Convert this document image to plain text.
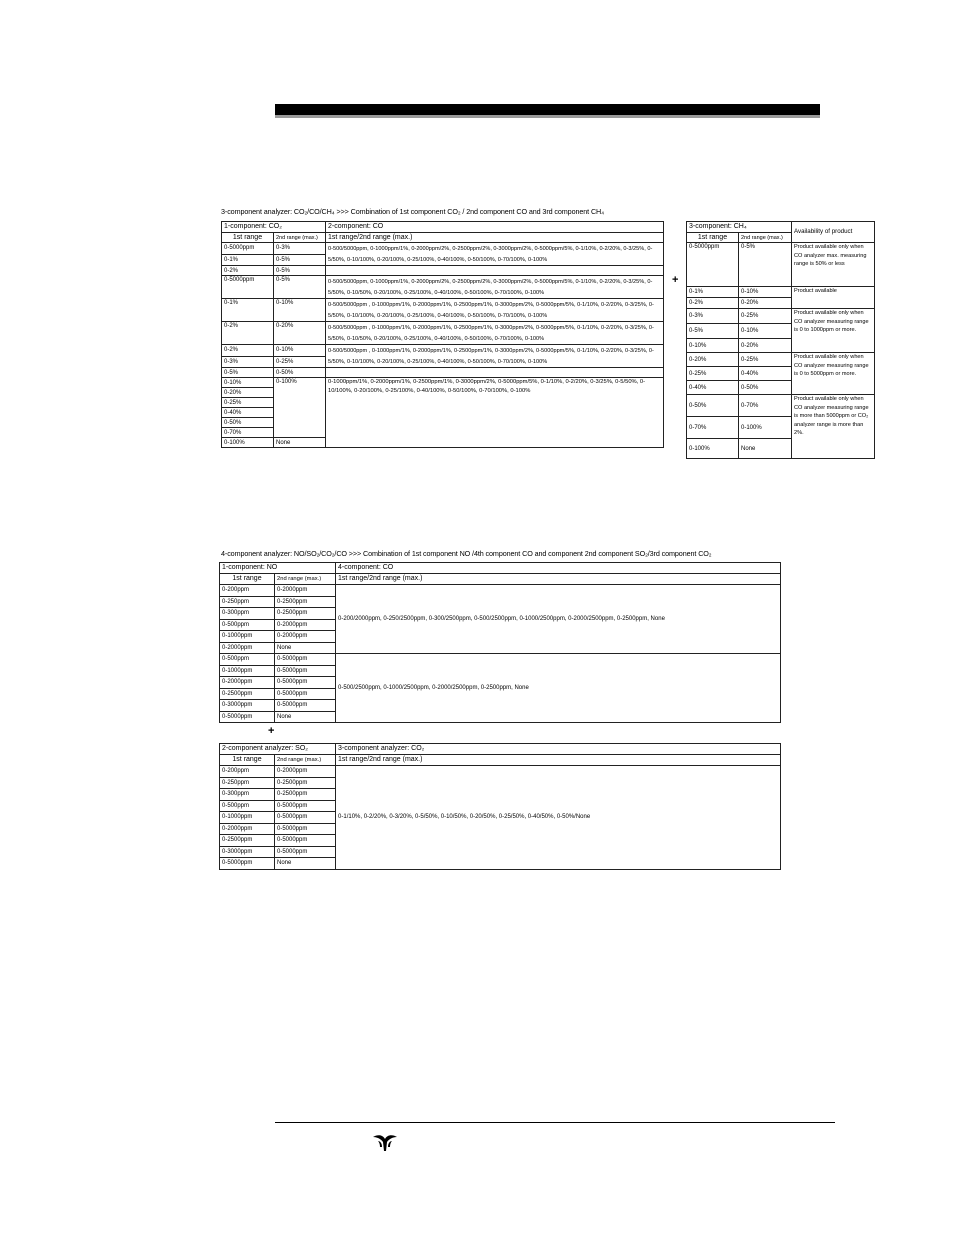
3-component analyzer: CO₂/CO/CH₄ >>> Combination of 1st component CO₂ / 2nd component CO and 3rd component CH₄
1-component: CO₂		2-component: CO
1st range	2nd range (max.)	1st range/2nd range (max.)
0-5000ppm	0-3%	0-500/5000ppm, 0-1000ppm/1%, 0-2000ppm/2%, 0-2500ppm/2%, 0-3000ppm/2%, 0-5000ppm/5%, 0-1/10%, 0-2/20%, 0-3/25%, 0-5/50%, 0-10/100%, 0-20/100%, 0-25/100%, 0-40/100%, 0-50/100%, 0-70/100%, 0-100%
0-1%	0-5%	
0-2%	0-5%	
0-5000ppm	0-5%	0-500/5000ppm, 0-1000ppm/1%, 0-2000ppm/2%, 0-2500ppm/2%, 0-3000ppm/2%, 0-5000ppm/5%, 0-1/10%, 0-2/20%, 0-3/25%, 0-5/50%, 0-10/50%, 0-20/100%, 0-25/100%, 0-40/100%, 0-50/100%, 0-70/100%, 0-100%
0-1%	0-10%	0-500/5000ppm , 0-1000ppm/1%, 0-2000ppm/1%, 0-2500ppm/1%, 0-3000ppm/2%, 0-5000ppm/5%, 0-1/10%, 0-2/20%, 0-3/25%, 0-5/50%, 0-10/100%, 0-20/100%, 0-25/100%, 0-40/100%, 0-50/100%, 0-70/100%, 0-100%
0-2%	0-20%	0-500/5000ppm , 0-1000ppm/1%, 0-2000ppm/1%, 0-2500ppm/1%, 0-3000ppm/2%, 0-5000ppm/5%, 0-1/10%, 0-2/20%, 0-3/25%, 0-5/50%, 0-10/50%, 0-20/100%, 0-25/100%, 0-40/100%, 0-50/100%, 0-70/100%, 0-100%
0-2%	0-10%	0-500/5000ppm , 0-1000ppm/1%, 0-2000ppm/1%, 0-2500ppm/1%, 0-3000ppm/2%, 0-5000ppm/5%, 0-1/10%, 0-2/20%, 0-3/25%, 0-5/50%, 0-10/100%, 0-20/100%, 0-25/100%, 0-40/100%, 0-50/100%, 0-70/100%, 0-100%
0-3%	0-25%	
0-5%	0-50%	
0-10%	0-100%	0-1000ppm/1%, 0-2000ppm/1%, 0-2500ppm/1%, 0-3000ppm/2%, 0-5000ppm/5%, 0-1/10%, 0-2/20%, 0-3/25%, 0-5/50%, 0-10/100%, 0-20/100%, 0-25/100%, 0-40/100%, 0-50/100%, 0-70/100%, 0-100%
0-20%		
0-25%		
0-40%		
0-50%		
0-70%		
0-100%	None	
+
3-component: CH₄		Availability of product
1st range	2nd range (max.)	
0-5000ppm	0-5%	Product available only when CO analyzer max. measuring range is 50% or less
0-1%	0-10%	Product available
0-2%	0-20%	
0-3%	0-25%	Product available only when CO analyzer measuring range is 0 to 1000ppm or more.
0-5%	0-10%	
0-10%	0-20%	
0-20%	0-25%	Product available only when CO analyzer measuring range is 0 to 5000ppm or more.
0-25%	0-40%	
0-40%	0-50%	
0-50%	0-70%	Product available only when CO analyzer measuring range is more than 5000ppm or CO₂ analyzer range is more than 2%.
0-70%	0-100%	
0-100%	None	
4-component analyzer: NO/SO₂/CO₂/CO >>> Combination of 1st component NO /4th component CO and component 2nd component SO₂/3rd component CO₂
1-component: NO		4-component: CO
1st range	2nd range (max.)	1st range/2nd range (max.)
0-200ppm	0-2000ppm	0-200/2000ppm, 0-250/2500ppm, 0-300/2500ppm, 0-500/2500ppm, 0-1000/2500ppm, 0-2000/2500ppm, 0-2500ppm, None
0-250ppm	0-2500ppm	
0-300ppm	0-2500ppm	
0-500ppm	0-2000ppm	
0-1000ppm	0-2000ppm	
0-2000ppm	None	
0-500ppm	0-5000ppm	0-500/2500ppm, 0-1000/2500ppm, 0-2000/2500ppm, 0-2500ppm, None
0-1000ppm	0-5000ppm	
0-2000ppm	0-5000ppm	
0-2500ppm	0-5000ppm	
0-3000ppm	0-5000ppm	
0-5000ppm	None	
+
2-component analyzer: SO₂		3-component analyzer: CO₂
1st range	2nd range (max.)	1st range/2nd range (max.)
0-200ppm	0-2000ppm	0-1/10%, 0-2/20%, 0-3/20%, 0-5/50%, 0-10/50%, 0-20/50%, 0-25/50%, 0-40/50%, 0-50%/None
0-250ppm	0-2500ppm	
0-300ppm	0-2500ppm	
0-500ppm	0-5000ppm	
0-1000ppm	0-5000ppm	
0-2000ppm	0-5000ppm	
0-2500ppm	0-5000ppm	
0-3000ppm	0-5000ppm	
0-5000ppm	None	
